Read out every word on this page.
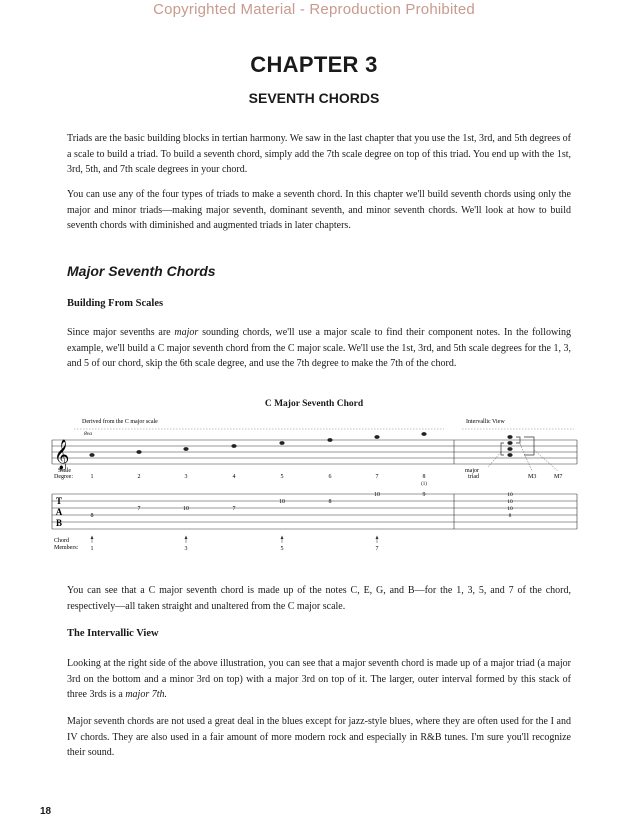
Copyrighted Material - Reproduction Prohibited
CHAPTER 3
SEVENTH CHORDS

Triads are the basic building blocks in tertian harmony. We saw in the last chapter that you use the 1st, 3rd, and 5th degrees of a scale to build a triad. To build a seventh chord, simply add the 7th scale degree on top of this triad. You end up with the 1st, 3rd, 5th, and 7th scale degrees in your chord.

You can use any of the four types of triads to make a seventh chord. In this chapter we'll build seventh chords using only the major and minor triads—making major seventh, dominant seventh, and minor seventh chords. We'll look at how to build seventh chords with diminished and augmented triads in later chapters.

Major Seventh Chords
Building From Scales

Since major sevenths are major sounding chords, we'll use a major scale to find their component notes. In the following example, we'll build a C major seventh chord from the C major scale. We'll use the 1st, 3rd, and 5th scale degrees for the 1, 3, and 5 of our chord, skip the 6th scale degree, and use the 7th degree to make the 7th of the chord.

C Major Seventh Chord
Derived from the C major scale	Intervallic View
8va
𝄞
major
triad	M3	M7
Scale
Degree:	1	2	3	4	5	6	7	8
(1)
T
A
B
8
7	10	7
10	8
10	9	10
10
10
8
Chord
Members: 1	3	5	7

You can see that a C major seventh chord is made up of the notes C, E, G, and B—for the 1, 3, 5, and 7 of the chord, respectively—all taken straight and unaltered from the C major scale.

The Intervallic View

Looking at the right side of the above illustration, you can see that a major seventh chord is made up of a major triad (a major 3rd on the bottom and a minor 3rd on top) with a major 3rd on top of it. The larger, outer interval formed by this stack of three 3rds is a major 7th.

Major seventh chords are not used a great deal in the blues except for jazz-style blues, where they are often used for the I and IV chords. They are also used in a fair amount of more modern rock and especially in R&B tunes. I'm sure you'll recognize their sound.

18
